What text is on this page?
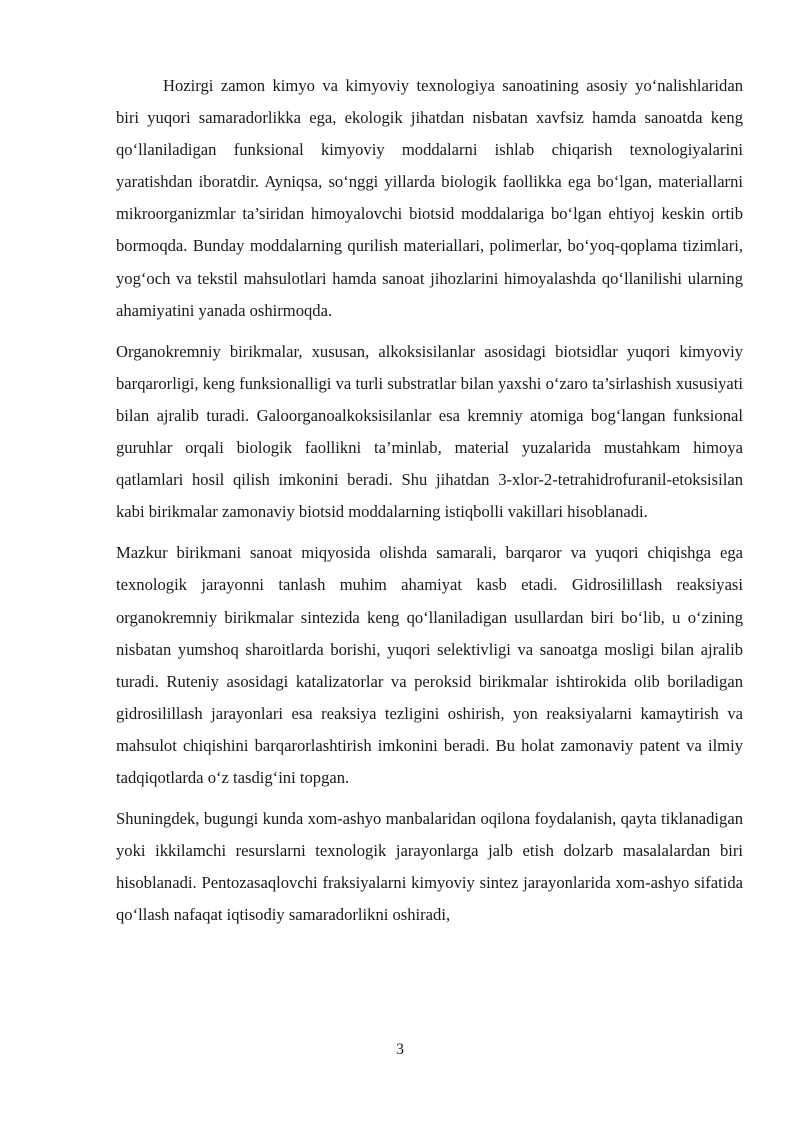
Hozirgi zamon kimyo va kimyoviy texnologiya sanoatining asosiy yo‘nalishlaridan biri yuqori samaradorlikka ega, ekologik jihatdan nisbatan xavfsiz hamda sanoatda keng qo‘llaniladigan funksional kimyoviy moddalarni ishlab chiqarish texnologiyalarini yaratishdan iboratdir. Ayniqsa, so‘nggi yillarda biologik faollikka ega bo‘lgan, materiallarni mikroorganizmlar ta’siridan himoyalovchi biotsid moddalariga bo‘lgan ehtiyoj keskin ortib bormoqda. Bunday moddalarning qurilish materiallari, polimerlar, bo‘yoq-qoplama tizimlari, yog‘och va tekstil mahsulotlari hamda sanoat jihozlarini himoyalashda qo‘llanilishi ularning ahamiyatini yanada oshirmoqda.

Organokremniy birikmalar, xususan, alkoksisilanlar asosidagi biotsidlar yuqori kimyoviy barqarorligi, keng funksionalligi va turli substratlar bilan yaxshi o‘zaro ta’sirlashish xususiyati bilan ajralib turadi. Galoorganoalkoksisilanlar esa kremniy atomiga bog‘langan funksional guruhlar orqali biologik faollikni ta’minlab, material yuzalarida mustahkam himoya qatlamlari hosil qilish imkonini beradi. Shu jihatdan 3-xlor-2-tetrahidrofuranil-etoksisilan kabi birikmalar zamonaviy biotsid moddalarning istiqbolli vakillari hisoblanadi.

Mazkur birikmani sanoat miqyosida olishda samarali, barqaror va yuqori chiqishga ega texnologik jarayonni tanlash muhim ahamiyat kasb etadi. Gidrosilillash reaksiyasi organokremniy birikmalar sintezida keng qo‘llaniladigan usullardan biri bo‘lib, u o‘zining nisbatan yumshoq sharoitlarda borishi, yuqori selektivligi va sanoatga mosligi bilan ajralib turadi. Ruteniy asosidagi katalizatorlar va peroksid birikmalar ishtirokida olib boriladigan gidrosilillash jarayonlari esa reaksiya tezligini oshirish, yon reaksiyalarni kamaytirish va mahsulot chiqishini barqarorlashtirish imkonini beradi. Bu holat zamonaviy patent va ilmiy tadqiqotlarda o‘z tasdig‘ini topgan.

Shuningdek, bugungi kunda xom-ashyo manbalaridan oqilona foydalanish, qayta tiklanadigan yoki ikkilamchi resurslarni texnologik jarayonlarga jalb etish dolzarb masalalardan biri hisoblanadi. Pentozasaqlovchi fraksiyalarni kimyoviy sintez jarayonlarida xom-ashyo sifatida qo‘llash nafaqat iqtisodiy samaradorlikni oshiradi,

3
